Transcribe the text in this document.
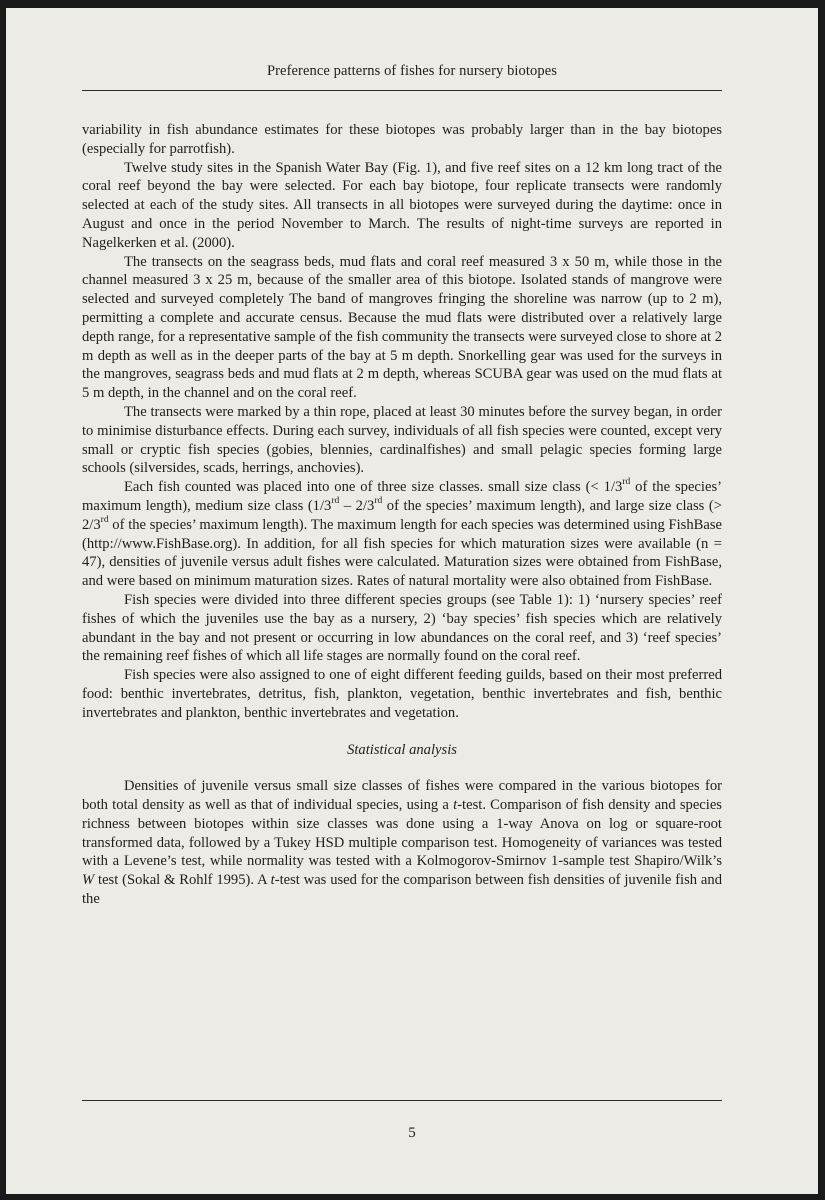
Preference patterns of fishes for nursery biotopes

variability in fish abundance estimates for these biotopes was probably larger than in the bay biotopes (especially for parrotfish).

Twelve study sites in the Spanish Water Bay (Fig. 1), and five reef sites on a 12 km long tract of the coral reef beyond the bay were selected. For each bay biotope, four replicate transects were randomly selected at each of the study sites. All transects in all biotopes were surveyed during the daytime: once in August and once in the period November to March. The results of night-time surveys are reported in Nagelkerken et al. (2000).

The transects on the seagrass beds, mud flats and coral reef measured 3 x 50 m, while those in the channel measured 3 x 25 m, because of the smaller area of this biotope. Isolated stands of mangrove were selected and surveyed completely The band of mangroves fringing the shoreline was narrow (up to 2 m), permitting a complete and accurate census. Because the mud flats were distributed over a relatively large depth range, for a representative sample of the fish community the transects were surveyed close to shore at 2 m depth as well as in the deeper parts of the bay at 5 m depth. Snorkelling gear was used for the surveys in the mangroves, seagrass beds and mud flats at 2 m depth, whereas SCUBA gear was used on the mud flats at 5 m depth, in the channel and on the coral reef.

The transects were marked by a thin rope, placed at least 30 minutes before the survey began, in order to minimise disturbance effects. During each survey, individuals of all fish species were counted, except very small or cryptic fish species (gobies, blennies, cardinalfishes) and small pelagic species forming large schools (silversides, scads, herrings, anchovies).

Each fish counted was placed into one of three size classes. small size class (< 1/3rd of the species’ maximum length), medium size class (1/3rd – 2/3rd of the species’ maximum length), and large size class (> 2/3rd of the species’ maximum length). The maximum length for each species was determined using FishBase (http://www.FishBase.org). In addition, for all fish species for which maturation sizes were available (n = 47), densities of juvenile versus adult fishes were calculated. Maturation sizes were obtained from FishBase, and were based on minimum maturation sizes. Rates of natural mortality were also obtained from FishBase.

Fish species were divided into three different species groups (see Table 1): 1) ‘nursery species’ reef fishes of which the juveniles use the bay as a nursery, 2) ‘bay species’ fish species which are relatively abundant in the bay and not present or occurring in low abundances on the coral reef, and 3) ‘reef species’ the remaining reef fishes of which all life stages are normally found on the coral reef.

Fish species were also assigned to one of eight different feeding guilds, based on their most preferred food: benthic invertebrates, detritus, fish, plankton, vegetation, benthic invertebrates and fish, benthic invertebrates and plankton, benthic invertebrates and vegetation.

Statistical analysis

Densities of juvenile versus small size classes of fishes were compared in the various biotopes for both total density as well as that of individual species, using a t-test. Comparison of fish density and species richness between biotopes within size classes was done using a 1-way Anova on log or square-root transformed data, followed by a Tukey HSD multiple comparison test. Homogeneity of variances was tested with a Levene’s test, while normality was tested with a Kolmogorov-Smirnov 1-sample test Shapiro/Wilk’s W test (Sokal & Rohlf 1995). A t-test was used for the comparison between fish densities of juvenile fish and the

5
